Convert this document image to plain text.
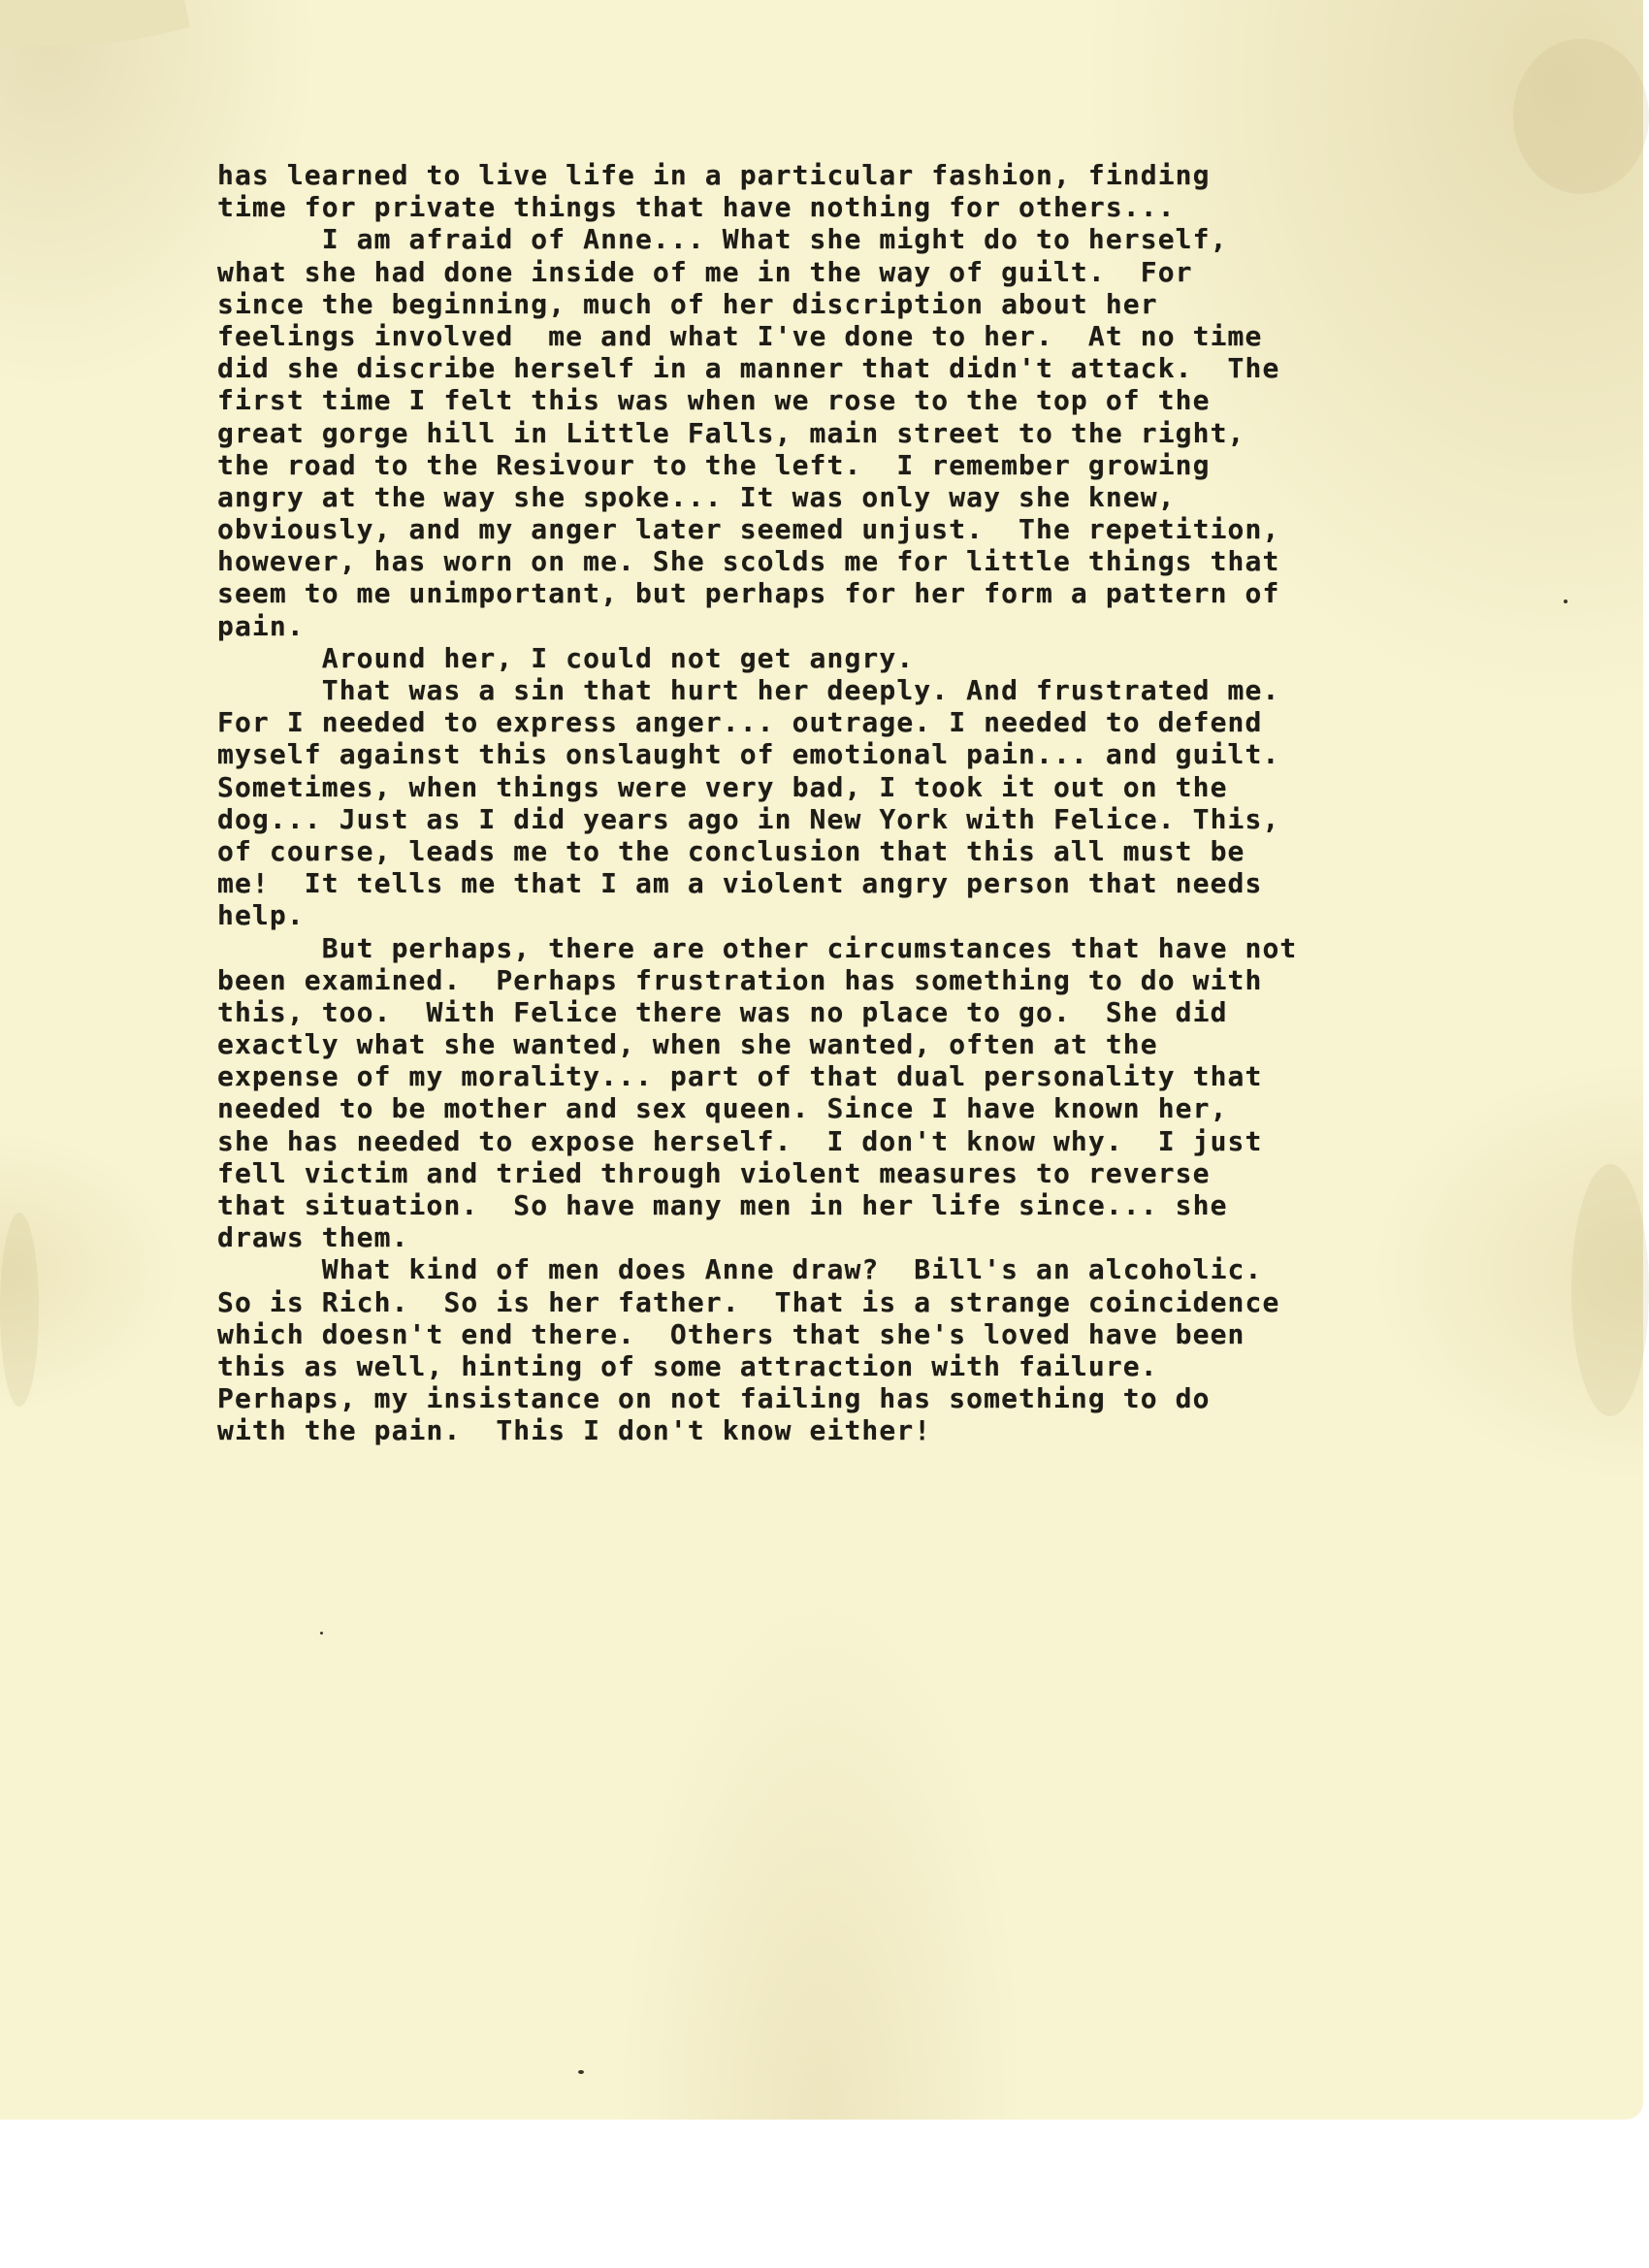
has learned to live life in a particular fashion, finding
time for private things that have nothing for others...
I am afraid of Anne... What she might do to herself,
what she had done inside of me in the way of guilt.  For
since the beginning, much of her discription about her
feelings involved  me and what I've done to her.  At no time
did she discribe herself in a manner that didn't attack.  The
first time I felt this was when we rose to the top of the
great gorge hill in Little Falls, main street to the right,
the road to the Resivour to the left.  I remember growing
angry at the way she spoke... It was only way she knew,
obviously, and my anger later seemed unjust.  The repetition,
however, has worn on me. She scolds me for little things that
seem to me unimportant, but perhaps for her form a pattern of
pain.
Around her, I could not get angry.
That was a sin that hurt her deeply. And frustrated me.
For I needed to express anger... outrage. I needed to defend
myself against this onslaught of emotional pain... and guilt.
Sometimes, when things were very bad, I took it out on the
dog... Just as I did years ago in New York with Felice. This,
of course, leads me to the conclusion that this all must be
me!  It tells me that I am a violent angry person that needs
help.
But perhaps, there are other circumstances that have not
been examined.  Perhaps frustration has something to do with
this, too.  With Felice there was no place to go.  She did
exactly what she wanted, when she wanted, often at the
expense of my morality... part of that dual personality that
needed to be mother and sex queen. Since I have known her,
she has needed to expose herself.  I don't know why.  I just
fell victim and tried through violent measures to reverse
that situation.  So have many men in her life since... she
draws them.
What kind of men does Anne draw?  Bill's an alcoholic.
So is Rich.  So is her father.  That is a strange coincidence
which doesn't end there.  Others that she's loved have been
this as well, hinting of some attraction with failure.
Perhaps, my insistance on not failing has something to do
with the pain.  This I don't know either!
